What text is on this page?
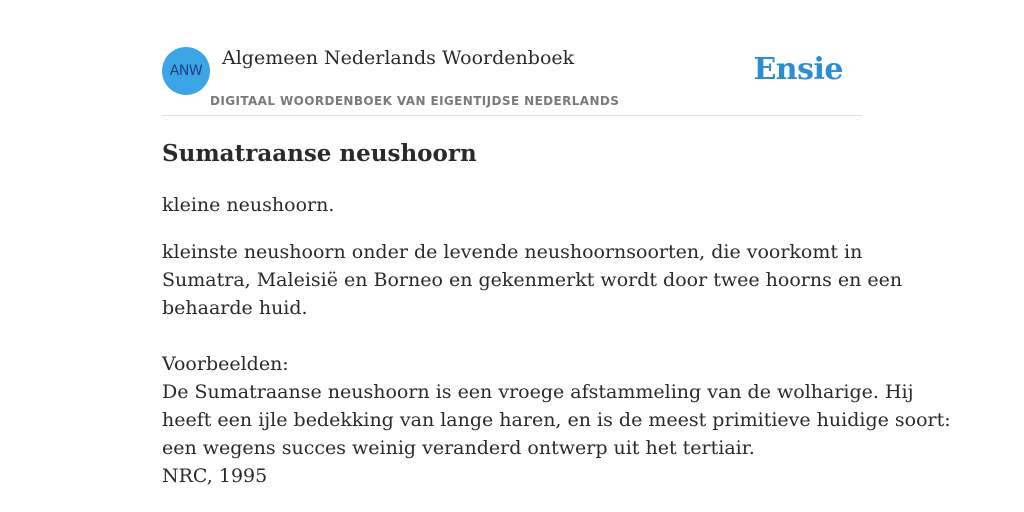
ANW
Algemeen Nederlands Woordenboek
DIGITAAL WOORDENBOEK VAN EIGENTIJDSE NEDERLANDS
Ensie
Sumatraanse neushoorn

kleine neushoorn.

kleinste neushoorn onder de levende neushoornsoorten, die voorkomt in
Sumatra, Maleisië en Borneo en gekenmerkt wordt door twee hoorns en een
behaarde huid.

Voorbeelden:

De Sumatraanse neushoorn is een vroege afstammeling van de wolharige. Hij
heeft een ijle bedekking van lange haren, en is de meest primitieve huidige soort:
een wegens succes weinig veranderd ontwerp uit het tertiair.

NRC, 1995
